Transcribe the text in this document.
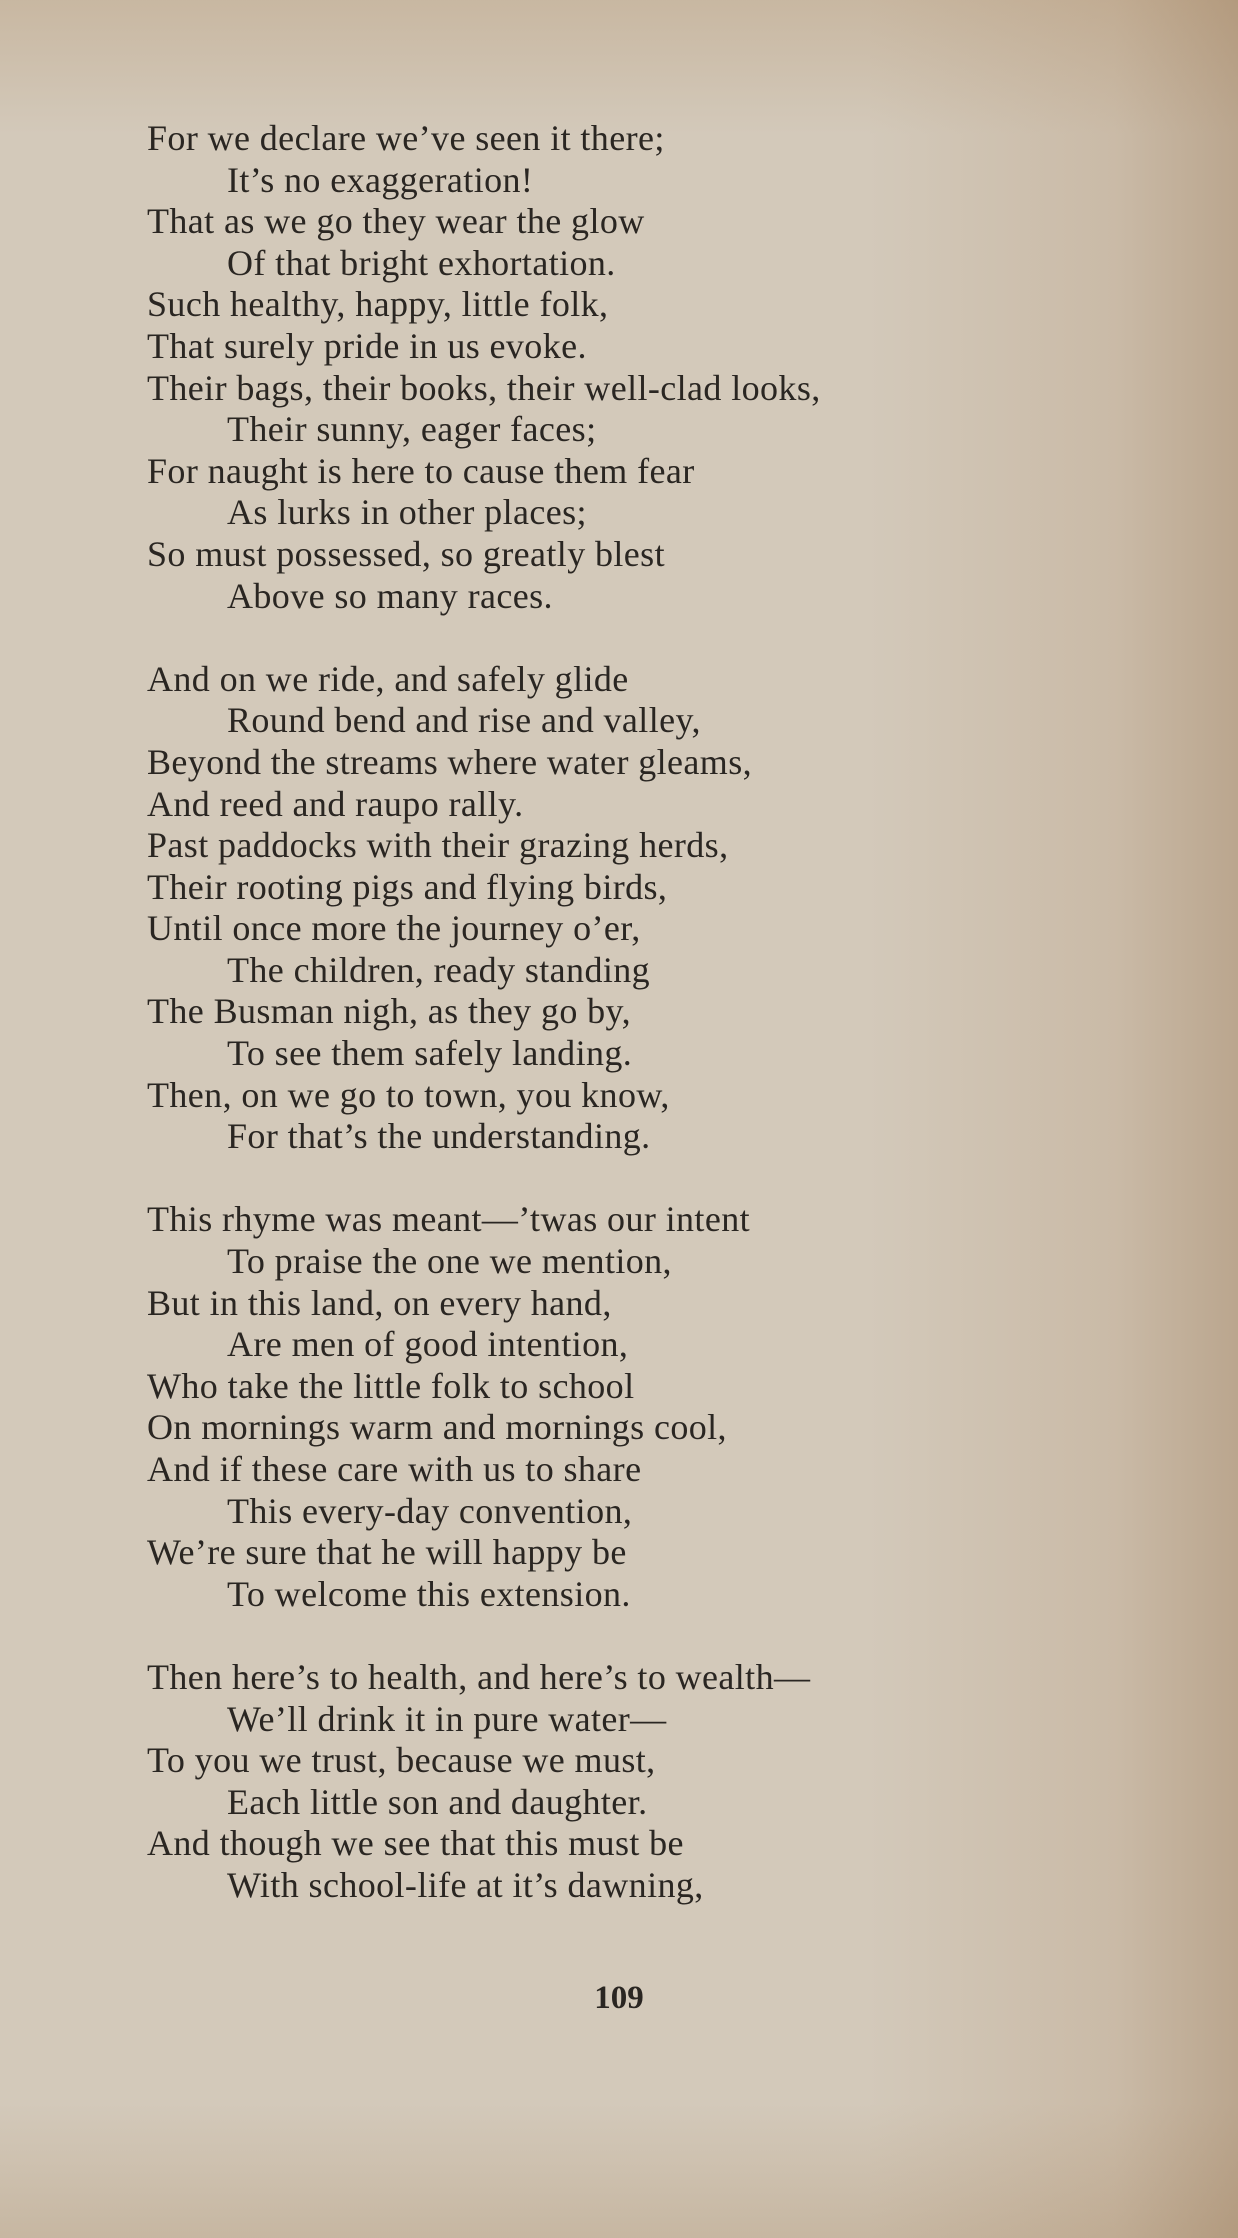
For we declare we’ve seen it there;
It’s no exaggeration!
That as we go they wear the glow
Of that bright exhortation.
Such healthy, happy, little folk,
That surely pride in us evoke.
Their bags, their books, their well-clad looks,
Their sunny, eager faces;
For naught is here to cause them fear
As lurks in other places;
So must possessed, so greatly blest
Above so many races.
And on we ride, and safely glide
Round bend and rise and valley,
Beyond the streams where water gleams,
And reed and raupo rally.
Past paddocks with their grazing herds,
Their rooting pigs and flying birds,
Until once more the journey o’er,
The children, ready standing
The Busman nigh, as they go by,
To see them safely landing.
Then, on we go to town, you know,
For that’s the understanding.
This rhyme was meant—’twas our intent
To praise the one we mention,
But in this land, on every hand,
Are men of good intention,
Who take the little folk to school
On mornings warm and mornings cool,
And if these care with us to share
This every-day convention,
We’re sure that he will happy be
To welcome this extension.
Then here’s to health, and here’s to wealth—
We’ll drink it in pure water—
To you we trust, because we must,
Each little son and daughter.
And though we see that this must be
With school-life at it’s dawning,
109
